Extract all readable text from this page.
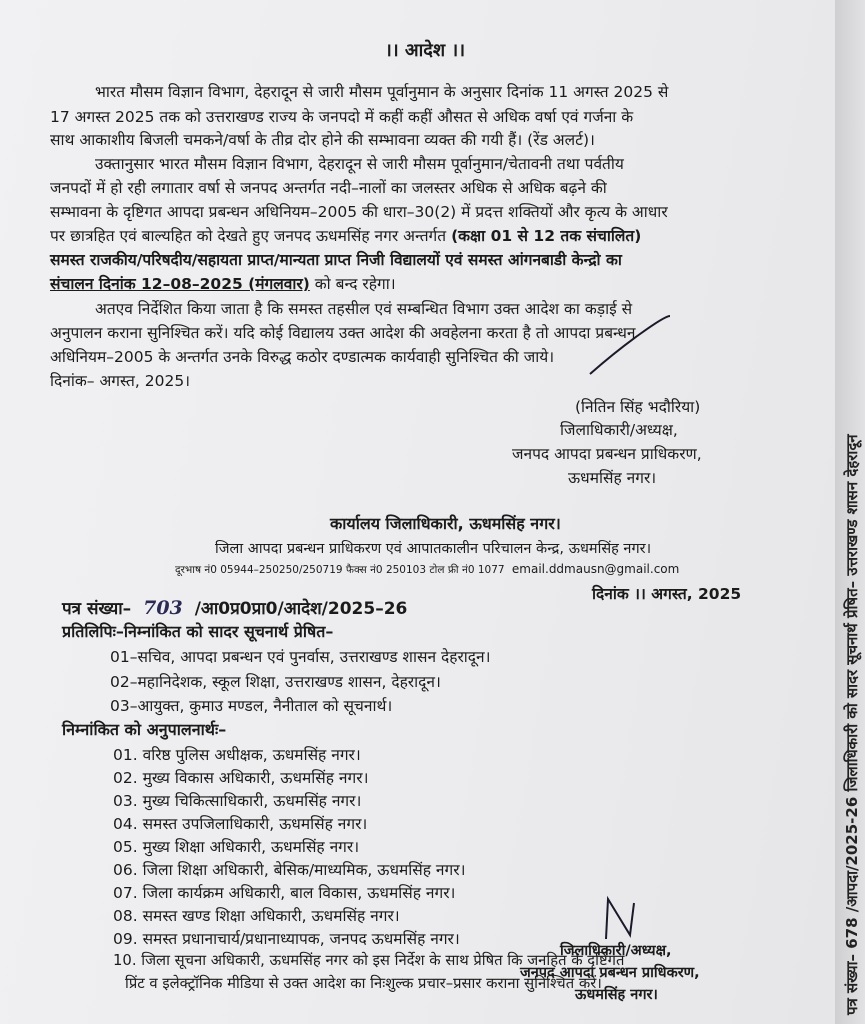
।। आदेश ।।
भारत मौसम विज्ञान विभाग, देहरादून से जारी मौसम पूर्वानुमान के अनुसार दिनांक 11 अगस्त 2025 से
17 अगस्त 2025 तक को उत्तराखण्ड राज्य के जनपदो में कहीं कहीं औसत से अधिक वर्षा एवं गर्जना के
साथ आकाशीय बिजली चमकने/वर्षा के तीव्र दोर होने की सम्भावना व्यक्त की गयी हैं। (रेंड अलर्ट)।
उक्तानुसार भारत मौसम विज्ञान विभाग, देहरादून से जारी मौसम पूर्वानुमान/चेतावनी तथा पर्वतीय
जनपदों में हो रही लगातार वर्षा से जनपद अन्तर्गत नदी–नालों का जलस्तर अधिक से अधिक बढ़ने की
सम्भावना के दृष्टिगत आपदा प्रबन्धन अधिनियम–2005 की धारा–30(2) में प्रदत्त शक्तियों और कृत्य के आधार
पर छात्रहित एवं बाल्यहित को देखते हुए जनपद ऊधमसिंह नगर अन्तर्गत (कक्षा 01 से 12 तक संचालित)
समस्त राजकीय/परिषदीय/सहायता प्राप्त/मान्यता प्राप्त निजी विद्यालयों एवं समस्त आंगनबाडी केन्द्रो का
संचालन दिनांक 12–08–2025 (मंगलवार) को बन्द रहेगा।
अतएव निर्देशित किया जाता है कि समस्त तहसील एवं सम्बन्धित विभाग उक्त आदेश का कड़ाई से
अनुपालन कराना सुनिश्चित करें। यदि कोई विद्यालय उक्त आदेश की अवहेलना करता है तो आपदा प्रबन्धन
अधिनियम–2005 के अन्तर्गत उनके विरुद्ध कठोर दण्डात्मक कार्यवाही सुनिश्चित की जाये।
दिनांक– अगस्त, 2025।
(नितिन सिंह भदौरिया)
जिलाधिकारी/अध्यक्ष,
जनपद आपदा प्रबन्धन प्राधिकरण,
ऊधमसिंह नगर।
कार्यालय जिलाधिकारी, ऊधमसिंह नगर।
जिला आपदा प्रबन्धन प्राधिकरण एवं आपातकालीन परिचालन केन्द्र, ऊधमसिंह नगर।
दूरभाष नं0 05944–250250/250719 फैक्स नं0 250103 टोल फ्री नं0 1077 email.ddmausn@gmail.com
दिनांक ।। अगस्त, 2025
पत्र संख्या– 703 /आ0प्र0प्रा0/आदेश/2025–26
प्रतिलिपिः–निम्नांकित को सादर सूचनार्थ प्रेषित–
01–सचिव, आपदा प्रबन्धन एवं पुनर्वास, उत्तराखण्ड शासन देहरादून।
02–महानिदेशक, स्कूल शिक्षा, उत्तराखण्ड शासन, देहरादून।
03–आयुक्त, कुमाउ मण्डल, नैनीताल को सूचनार्थ।
निम्नांकित को अनुपालनार्थः–
01. वरिष्ठ पुलिस अधीक्षक, ऊधमसिंह नगर।
02. मुख्य विकास अधिकारी, ऊधमसिंह नगर।
03. मुख्य चिकित्साधिकारी, ऊधमसिंह नगर।
04. समस्त उपजिलाधिकारी, ऊधमसिंह नगर।
05. मुख्य शिक्षा अधिकारी, ऊधमसिंह नगर।
06. जिला शिक्षा अधिकारी, बेसिक/माध्यमिक, ऊधमसिंह नगर।
07. जिला कार्यक्रम अधिकारी, बाल विकास, ऊधमसिंह नगर।
08. समस्त खण्ड शिक्षा अधिकारी, ऊधमसिंह नगर।
09. समस्त प्रधानाचार्य/प्रधानाध्यापक, जनपद ऊधमसिंह नगर।
10. जिला सूचना अधिकारी, ऊधमसिंह नगर को इस निर्देश के साथ प्रेषित कि जनहित के दृष्टिगत
प्रिंट व इलेक्ट्रॉनिक मीडिया से उक्त आदेश का निःशुल्क प्रचार–प्रसार कराना सुनिश्चित करें।
जिलाधिकारी/अध्यक्ष,
जनपद आपदा प्रबन्धन प्राधिकरण,
ऊधमसिंह नगर।	पत्र संख्या– 678 /आपदा/2025-26 जिलाधिकारी को सादर सूचनार्थ प्रेषित– उत्तराखण्ड शासन देहरादून
